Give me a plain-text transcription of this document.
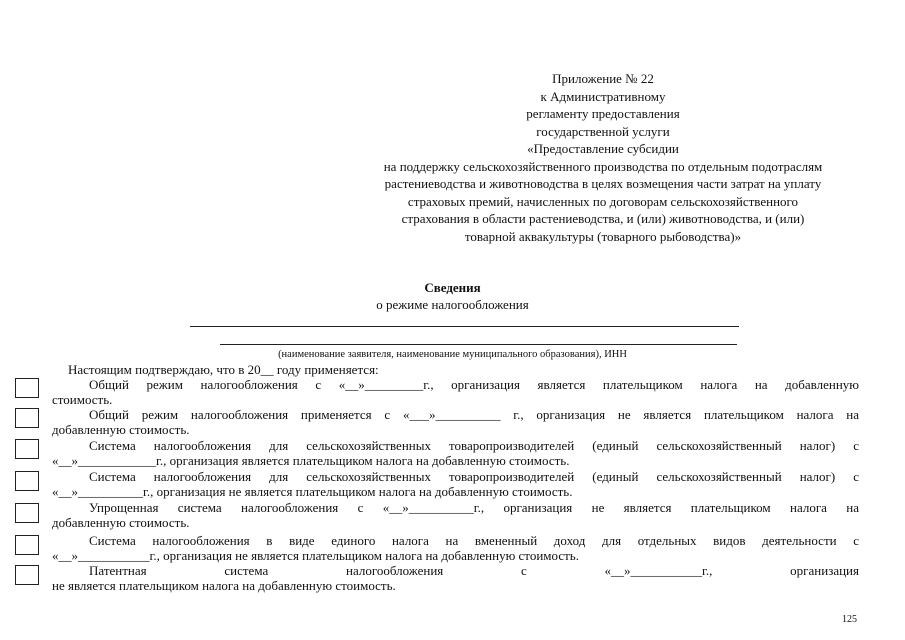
Приложение № 22
к Административному
регламенту предоставления
государственной услуги
«Предоставление субсидии
на поддержку сельскохозяйственного производства по отдельным подотраслям
растениеводства и животноводства в целях возмещения части затрат на уплату
страховых премий, начисленных по договорам сельскохозяйственного
страхования в области растениеводства, и (или) животноводства, и (или)
товарной аквакультуры (товарного рыбоводства)»
Сведения
о режиме налогообложения
(наименование заявителя, наименование муниципального образования), ИНН
Настоящим подтверждаю, что в 20__ году применяется:
Общий режим налогообложения с «__»_________г., организация является плательщиком налога на добавленную
стоимость.
Общий режим налогообложения применяется с «___»__________ г., организация не является плательщиком налога на
добавленную стоимость.
Система налогообложения для сельскохозяйственных товаропроизводителей (единый сельскохозяйственный налог) с
«__»____________г., организация является плательщиком налога на добавленную стоимость.
Система налогообложения для сельскохозяйственных товаропроизводителей (единый сельскохозяйственный налог) с
«__»__________г., организация не является плательщиком налога на добавленную стоимость.
Упрощенная система налогообложения с «__»__________г., организация не является плательщиком налога на
добавленную стоимость.
Система налогообложения в виде единого налога на вмененный доход для отдельных видов деятельности с
«__»___________г., организация не является плательщиком налога на добавленную стоимость.
Патентная система налогообложения с «__»___________г., организация
не является плательщиком налога на добавленную стоимость.
125
